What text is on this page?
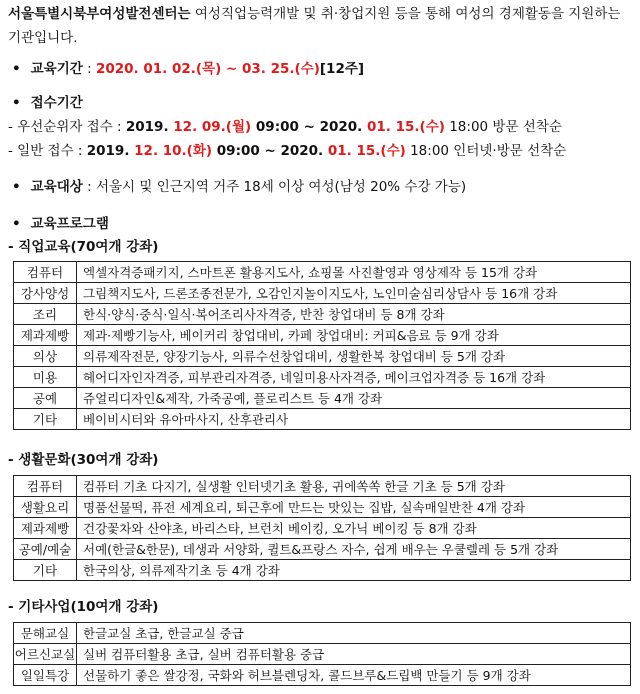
서울특별시북부여성발전센터는 여성직업능력개발 및 취·창업지원 등을 통해 여성의 경제활동을 지원하는 기관입니다.
• 교육기간 : 2020. 01. 02.(목) ~ 03. 25.(수)[12주]
• 접수기간
- 우선순위자 접수 : 2019. 12. 09.(월) 09:00 ~ 2020. 01. 15.(수) 18:00 방문 선착순
- 일반 접수 : 2019. 12. 10.(화) 09:00 ~ 2020. 01. 15.(수) 18:00 인터넷·방문 선착순
• 교육대상 : 서울시 및 인근지역 거주 18세 이상 여성(남성 20% 수강 가능)
• 교육프로그램
- 직업교육(70여개 강좌)
컴퓨터	엑셀자격증패키지, 스마트폰 활용지도사, 쇼핑몰 사진촬영과 영상제작 등 15개 강좌
강사양성	그림책지도사, 드론조종전문가, 오감인지놀이지도사, 노인미술심리상담사 등 16개 강좌
조리	한식·양식·중식·일식·복어조리사자격증, 반찬 창업대비 등 8개 강좌
제과제빵	제과·제빵기능사, 베이커리 창업대비, 카페 창업대비: 커피&음료 등 9개 강좌
의상	의류제작전문, 양장기능사, 의류수선창업대비, 생활한복 창업대비 등 5개 강좌
미용	헤어디자인자격증, 피부관리자격증, 네일미용사자격증, 메이크업자격증 등 16개 강좌
공예	쥬얼리디자인&제작, 가죽공예, 플로리스트 등 4개 강좌
기타	베이비시터와 유아마사지, 산후관리사
- 생활문화(30여개 강좌)
컴퓨터	컴퓨터 기초 다지기, 실생활 인터넷기초 활용, 귀에쏙쏙 한글 기초 등 5개 강좌
생활요리	명품선물떡, 퓨전 세계요리, 퇴근후에 만드는 맛있는 집밥, 실속매일반찬 4개 강좌
제과제빵	건강꽃차와 산야초, 바리스타, 브런치 베이킹, 오가닉 베이킹 등 8개 강좌
공예/예술	서예(한글&한문), 데생과 서양화, 퀼트&프랑스 자수, 쉽게 배우는 우쿨렐레 등 5개 강좌
기타	한국의상, 의류제작기초 등 4개 강좌
- 기타사업(10여개 강좌)
문해교실	한글교실 초급, 한글교실 중급
어르신교실	실버 컴퓨터활용 초급, 실버 컴퓨터활용 중급
일일특강	선물하기 좋은 쌀강정, 국화와 허브블렌딩차, 콜드브루&드립백 만들기 등 9개 강좌
